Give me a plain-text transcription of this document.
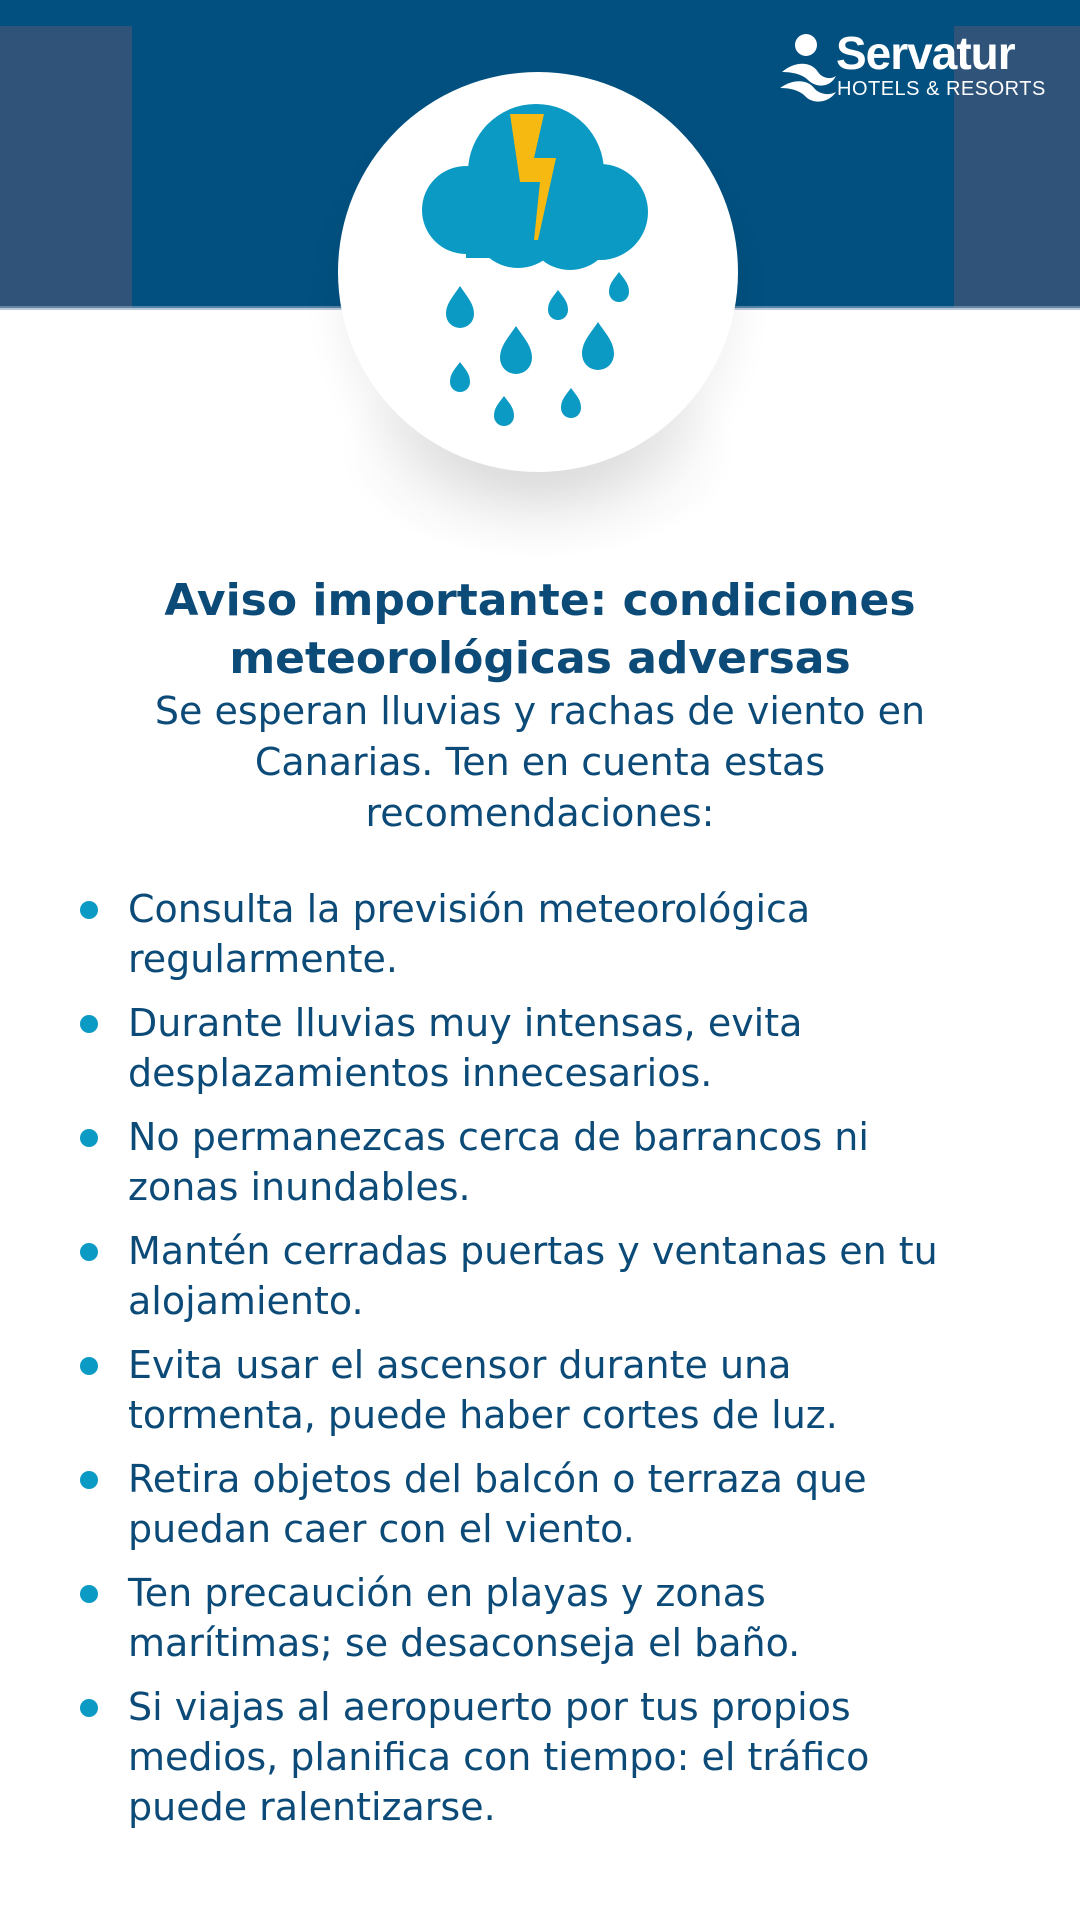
Servatur
HOTELS & RESORTS
Aviso importante: condiciones meteorológicas adversas

Se esperan lluvias y rachas de viento en Canarias. Ten en cuenta estas recomendaciones:

Consulta la previsión meteorológica regularmente.
Durante lluvias muy intensas, evita desplazamientos innecesarios.
No permanezcas cerca de barrancos ni zonas inundables.
Mantén cerradas puertas y ventanas en tu alojamiento.
Evita usar el ascensor durante una tormenta, puede haber cortes de luz.
Retira objetos del balcón o terraza que puedan caer con el viento.
Ten precaución en playas y zonas marítimas; se desaconseja el baño.
Si viajas al aeropuerto por tus propios medios, planifica con tiempo: el tráfico puede ralentizarse.
